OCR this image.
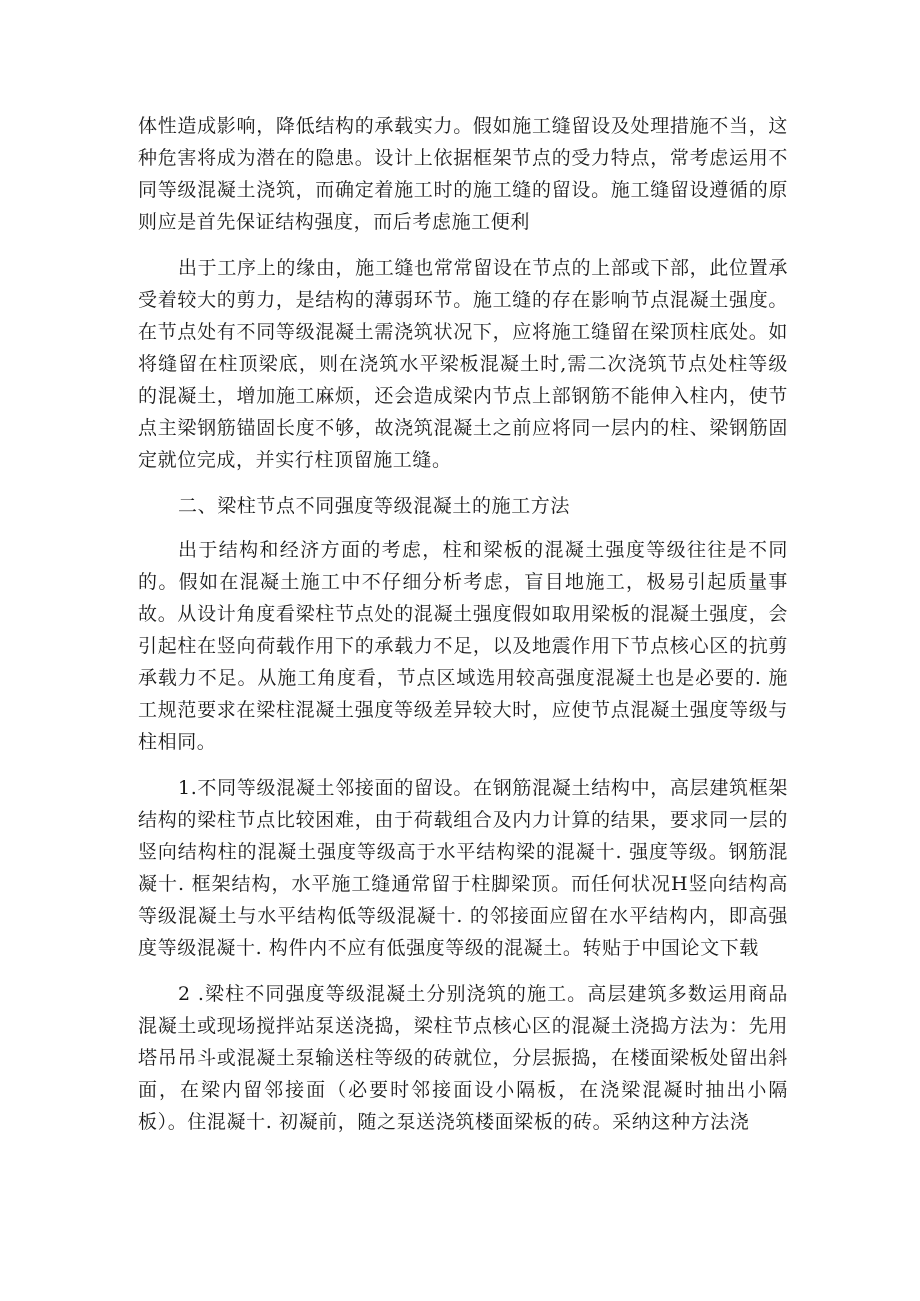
体性造成影响，降低结构的承载实力。假如施工缝留设及处理措施不当，这种危害将成为潜在的隐患。设计上依据框架节点的受力特点，常考虑运用不同等级混凝土浇筑，而确定着施工时的施工缝的留设。施工缝留设遵循的原则应是首先保证结构强度，而后考虑施工便利

出于工序上的缘由，施工缝也常常留设在节点的上部或下部，此位置承受着较大的剪力，是结构的薄弱环节。施工缝的存在影响节点混凝土强度。在节点处有不同等级混凝土需浇筑状况下，应将施工缝留在梁顶柱底处。如将缝留在柱顶梁底，则在浇筑水平梁板混凝土时,需二次浇筑节点处柱等级的混凝土，增加施工麻烦，还会造成梁内节点上部钢筋不能伸入柱内，使节点主梁钢筋锚固长度不够，故浇筑混凝土之前应将同一层内的柱、梁钢筋固定就位完成，并实行柱顶留施工缝。

二、梁柱节点不同强度等级混凝土的施工方法

出于结构和经济方面的考虑，柱和梁板的混凝土强度等级往往是不同的。假如在混凝土施工中不仔细分析考虑，盲目地施工，极易引起质量事故。从设计角度看梁柱节点处的混凝土强度假如取用梁板的混凝土强度，会引起柱在竖向荷载作用下的承载力不足，以及地震作用下节点核心区的抗剪承载力不足。从施工角度看，节点区域选用较高强度混凝土也是必要的. 施工规范要求在梁柱混凝土强度等级差异较大时，应使节点混凝土强度等级与柱相同。

1.不同等级混凝土邻接面的留设。在钢筋混凝土结构中，高层建筑框架结构的梁柱节点比较困难，由于荷载组合及内力计算的结果，要求同一层的竖向结构柱的混凝土强度等级高于水平结构梁的混凝十. 强度等级。钢筋混凝十. 框架结构，水平施工缝通常留于柱脚梁顶。而任何状况H竖向结构高等级混凝土与水平结构低等级混凝十. 的邻接面应留在水平结构内，即高强度等级混凝十. 构件内不应有低强度等级的混凝土。转贴于中国论文下载

2 .梁柱不同强度等级混凝土分别浇筑的施工。高层建筑多数运用商品混凝土或现场搅拌站泵送浇捣，梁柱节点核心区的混凝土浇捣方法为：先用塔吊吊斗或混凝土泵输送柱等级的砖就位，分层振捣，在楼面梁板处留出斜面，在梁内留邻接面（必要时邻接面设小隔板，在浇梁混凝时抽出小隔板）。住混凝十. 初凝前，随之泵送浇筑楼面梁板的砖。采纳这种方法浇
